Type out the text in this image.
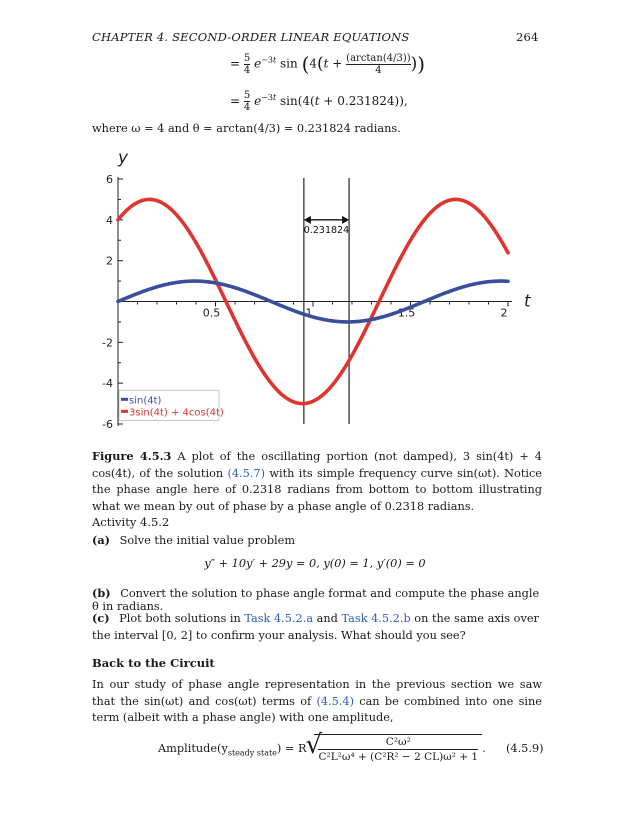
CHAPTER 4. SECOND-ORDER LINEAR EQUATIONS	264
= 5
4 $e^{-3t}$ sin (4(t + (arctan(4/3))
4 ))
= 5
4 $e^{-3t}$ sin(4(t + 0.231824)),
where ω = 4 and θ = arctan(4/3) = 0.231824 radians.
0.5	1	1.5	2
6
4
2
-2
-4
-6
y
t
0.231824
sin(4t)
3sin(4t) + 4cos(4t)
Figure 4.5.3 A plot of the oscillating portion (not damped), 3 sin(4t) + 4 cos(4t), of the solution (4.5.7) with its simple frequency curve sin(ωt). Notice the phase angle here of 0.2318 radians from bottom to bottom illustrating what we mean by out of phase by a phase angle of 0.2318 radians.
Activity 4.5.2
(a) Solve the initial value problem
y″ + 10y′ + 29y = 0, y(0) = 1, y′(0) = 0
(b) Convert the solution to phase angle format and compute the phase angle θ in radians.
(c) Plot both solutions in Task 4.5.2.a and Task 4.5.2.b on the same axis over the interval [0, 2] to confirm your analysis. What should you see?
Back to the Circuit
In our study of phase angle representation in the previous section we saw that the sin(ωt) and cos(ωt) terms of (4.5.4) can be combined into one sine term (albeit with a phase angle) with one amplitude,
$Amplitude(y_{steady state}) = R$ √
$\frac{\text{C²ω²}}{\text{C²L²ω⁴ + (C²R² − 2 CL)ω² + 1}}$ . (4.5.9)
